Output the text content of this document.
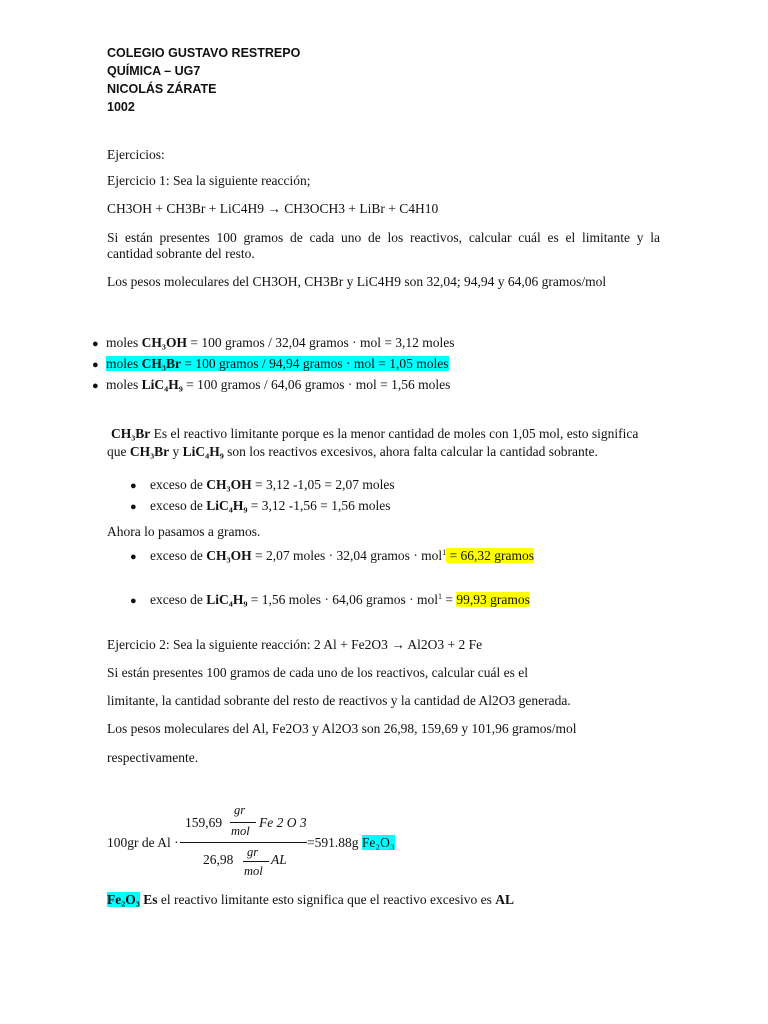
COLEGIO GUSTAVO RESTREPO
QUÍMICA – UG7
NICOLÁS ZÁRATE
1002
Ejercicios:
Ejercicio 1: Sea la siguiente reacción;
CH3OH + CH3Br + LiC4H9 → CH3OCH3 + LiBr + C4H10
Si están presentes 100 gramos de cada uno de los reactivos, calcular cuál es el limitante y la
cantidad sobrante del resto.
Los pesos moleculares del CH3OH, CH3Br y LiC4H9 son 32,04; 94,94 y 64,06 gramos/mol
● moles CH₃OH = 100 gramos / 32,04 gramos · mol = 3,12 moles
● moles CH₃Br = 100 gramos / 94,94 gramos · mol = 1,05 moles
● moles LiC₄H₉ = 100 gramos / 64,06 gramos · mol = 1,56 moles
CH₃Br Es el reactivo limitante porque es la menor cantidad de moles con 1,05 mol, esto significa
que CH₃Br y LiC₄H₉ son los reactivos excesivos, ahora falta calcular la cantidad sobrante.
● exceso de CH₃OH = 3,12 -1,05 = 2,07 moles
● exceso de LiC₄H₉ = 3,12 -1,56 = 1,56 moles
Ahora lo pasamos a gramos.
● exceso de CH₃OH = 2,07 moles · 32,04 gramos · mol$^1$ = 66,32 gramos
● exceso de LiC₄H₉ = 1,56 moles · 64,06 gramos · mol$^1$ = 99,93 gramos
Ejercicio 2: Sea la siguiente reacción: 2 Al + Fe2O3 → Al2O3 + 2 Fe
Si están presentes 100 gramos de cada uno de los reactivos, calcular cuál es el
limitante, la cantidad sobrante del resto de reactivos y la cantidad de Al2O3 generada.
Los pesos moleculares del Al, Fe2O3 y Al2O3 son 26,98, 159,69 y 101,96 gramos/mol
respectivamente.
100gr de Al ·
159,69
gr
mol
Fe 2 O 3
26,98 gr
mol
AL
=591.88g Fe₂O₃
Fe₂O₃ Es el reactivo limitante esto significa que el reactivo excesivo es AL
